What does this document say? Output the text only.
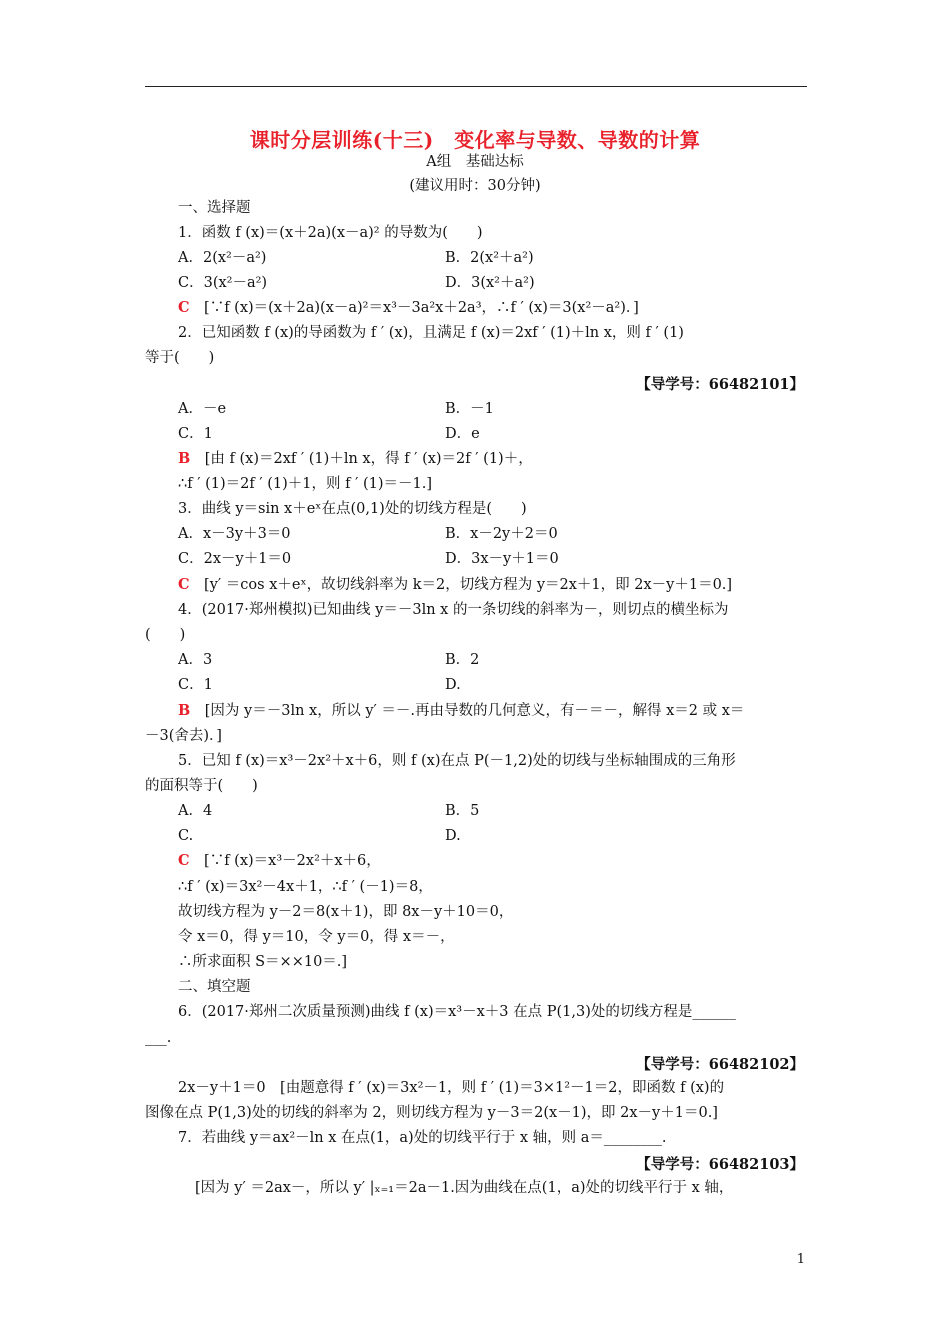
课时分层训练(十三)　变化率与导数、导数的计算
A组　基础达标
(建议用时：30分钟)
一、选择题
1．函数 f (x)＝(x＋2a)(x－a)² 的导数为(　　)
A．2(x²－a²)	B．2(x²＋a²)
C．3(x²－a²)	D．3(x²＋a²)
C　 [∵f (x)＝(x＋2a)(x－a)²＝x³－3a²x＋2a³，∴f ′ (x)＝3(x²－a²)．]
2．已知函数 f (x)的导函数为 f ′ (x)，且满足 f (x)＝2xf ′ (1)＋ln x，则 f ′ (1)
等于(　　)
【导学号：66482101】
A．－e	B．－1
C．1	D．e
B　 [由 f (x)＝2xf ′ (1)＋ln x，得 f ′ (x)＝2f ′ (1)＋，
∴f ′ (1)＝2f ′ (1)＋1，则 f ′ (1)＝－1.]
3．曲线 y＝sin x＋eˣ在点(0,1)处的切线方程是(　　)
A．x－3y＋3＝0	B．x－2y＋2＝0
C．2x－y＋1＝0	D．3x－y＋1＝0
C　 [y′ ＝cos x＋eˣ，故切线斜率为 k＝2，切线方程为 y＝2x＋1，即 2x－y＋1＝0.]
4．(2017·郑州模拟)已知曲线 y＝－3ln x 的一条切线的斜率为－，则切点的横坐标为
(　　)
A．3	B．2
C．1	D.
B　 [因为 y＝－3ln x，所以 y′ ＝－.再由导数的几何意义，有－＝－，解得 x＝2 或 x＝
－3(舍去)．]
5．已知 f (x)＝x³－2x²＋x＋6，则 f (x)在点 P(－1,2)处的切线与坐标轴围成的三角形
的面积等于(　　)
A．4	B．5
C.	D.
C　 [∵f (x)＝x³－2x²＋x＋6，
∴f ′ (x)＝3x²－4x＋1，∴f ′ (－1)＝8，
故切线方程为 y－2＝8(x＋1)，即 8x－y＋10＝0，
令 x＝0，得 y＝10，令 y＝0，得 x＝－，
∴所求面积 S＝××10＝.]
二、填空题
6．(2017·郑州二次质量预测)曲线 f (x)＝x³－x＋3 在点 P(1,3)处的切线方程是______
___.
【导学号：66482102】
2x－y＋1＝0　[由题意得 f ′ (x)＝3x²－1，则 f ′ (1)＝3×1²－1＝2，即函数 f (x)的
图像在点 P(1,3)处的切线的斜率为 2，则切线方程为 y－3＝2(x－1)，即 2x－y＋1＝0.]
7．若曲线 y＝ax²－ln x 在点(1，a)处的切线平行于 x 轴，则 a＝________.
【导学号：66482103】
[因为 y′ ＝2ax－，所以 y′ |ₓ₌₁＝2a－1.因为曲线在点(1，a)处的切线平行于 x 轴，
1
